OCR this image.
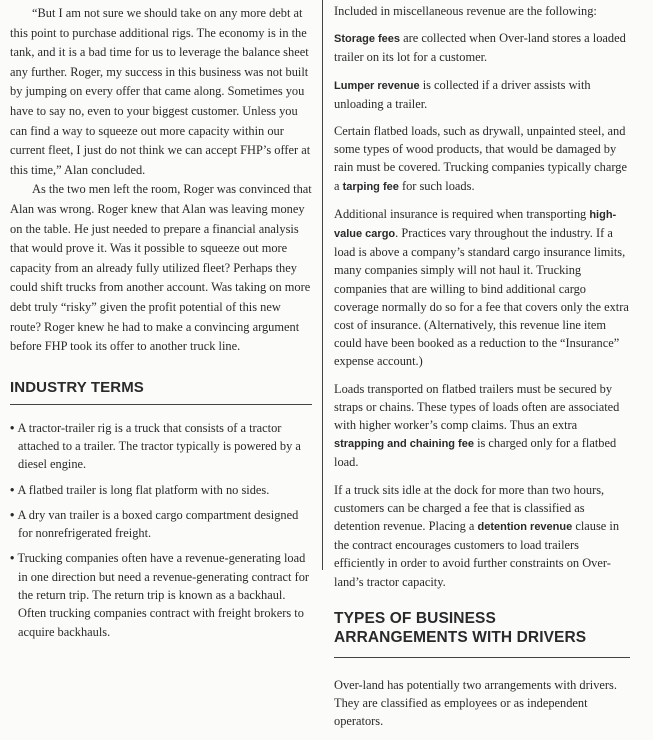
“But I am not sure we should take on any more debt at this point to purchase additional rigs. The economy is in the tank, and it is a bad time for us to leverage the balance sheet any further. Roger, my success in this business was not built by jumping on every offer that came along. Sometimes you have to say no, even to your biggest customer. Unless you can find a way to squeeze out more capacity within our current fleet, I just do not think we can accept FHP’s offer at this time,” Alan concluded.

As the two men left the room, Roger was convinced that Alan was wrong. Roger knew that Alan was leaving money on the table. He just needed to prepare a financial analysis that would prove it. Was it possible to squeeze out more capacity from an already fully utilized fleet? Perhaps they could shift trucks from another account. Was taking on more debt truly “risky” given the profit potential of this new route? Roger knew he had to make a convincing argument before FHP took its offer to another truck line.

INDUSTRY TERMS
• A tractor-trailer rig is a truck that consists of a tractor attached to a trailer. The tractor typically is powered by a diesel engine.
• A flatbed trailer is long flat platform with no sides.
• A dry van trailer is a boxed cargo compartment designed for nonrefrigerated freight.
• Trucking companies often have a revenue-generating load in one direction but need a revenue-generating contract for the return trip. The return trip is known as a backhaul. Often trucking companies contract with freight brokers to acquire backhauls.

Included in miscellaneous revenue are the following:

Storage fees are collected when Over-land stores a loaded trailer on its lot for a customer.

Lumper revenue is collected if a driver assists with unloading a trailer.

Certain flatbed loads, such as drywall, unpainted steel, and some types of wood products, that would be damaged by rain must be covered. Trucking companies typically charge a tarping fee for such loads.

Additional insurance is required when transporting high-value cargo. Practices vary throughout the industry. If a load is above a company’s standard cargo insurance limits, many companies simply will not haul it. Trucking companies that are willing to bind additional cargo coverage normally do so for a fee that covers only the extra cost of insurance. (Alternatively, this revenue line item could have been booked as a reduction to the “Insurance” expense account.)

Loads transported on flatbed trailers must be secured by straps or chains. These types of loads often are associated with higher worker’s comp claims. Thus an extra strapping and chaining fee is charged only for a flatbed load.

If a truck sits idle at the dock for more than two hours, customers can be charged a fee that is classified as detention revenue. Placing a detention revenue clause in the contract encourages customers to load trailers efficiently in order to avoid further constraints on Over-land’s tractor capacity.

TYPES OF BUSINESS ARRANGEMENTS WITH DRIVERS

Over-land has potentially two arrangements with drivers. They are classified as employees or as independent operators.
